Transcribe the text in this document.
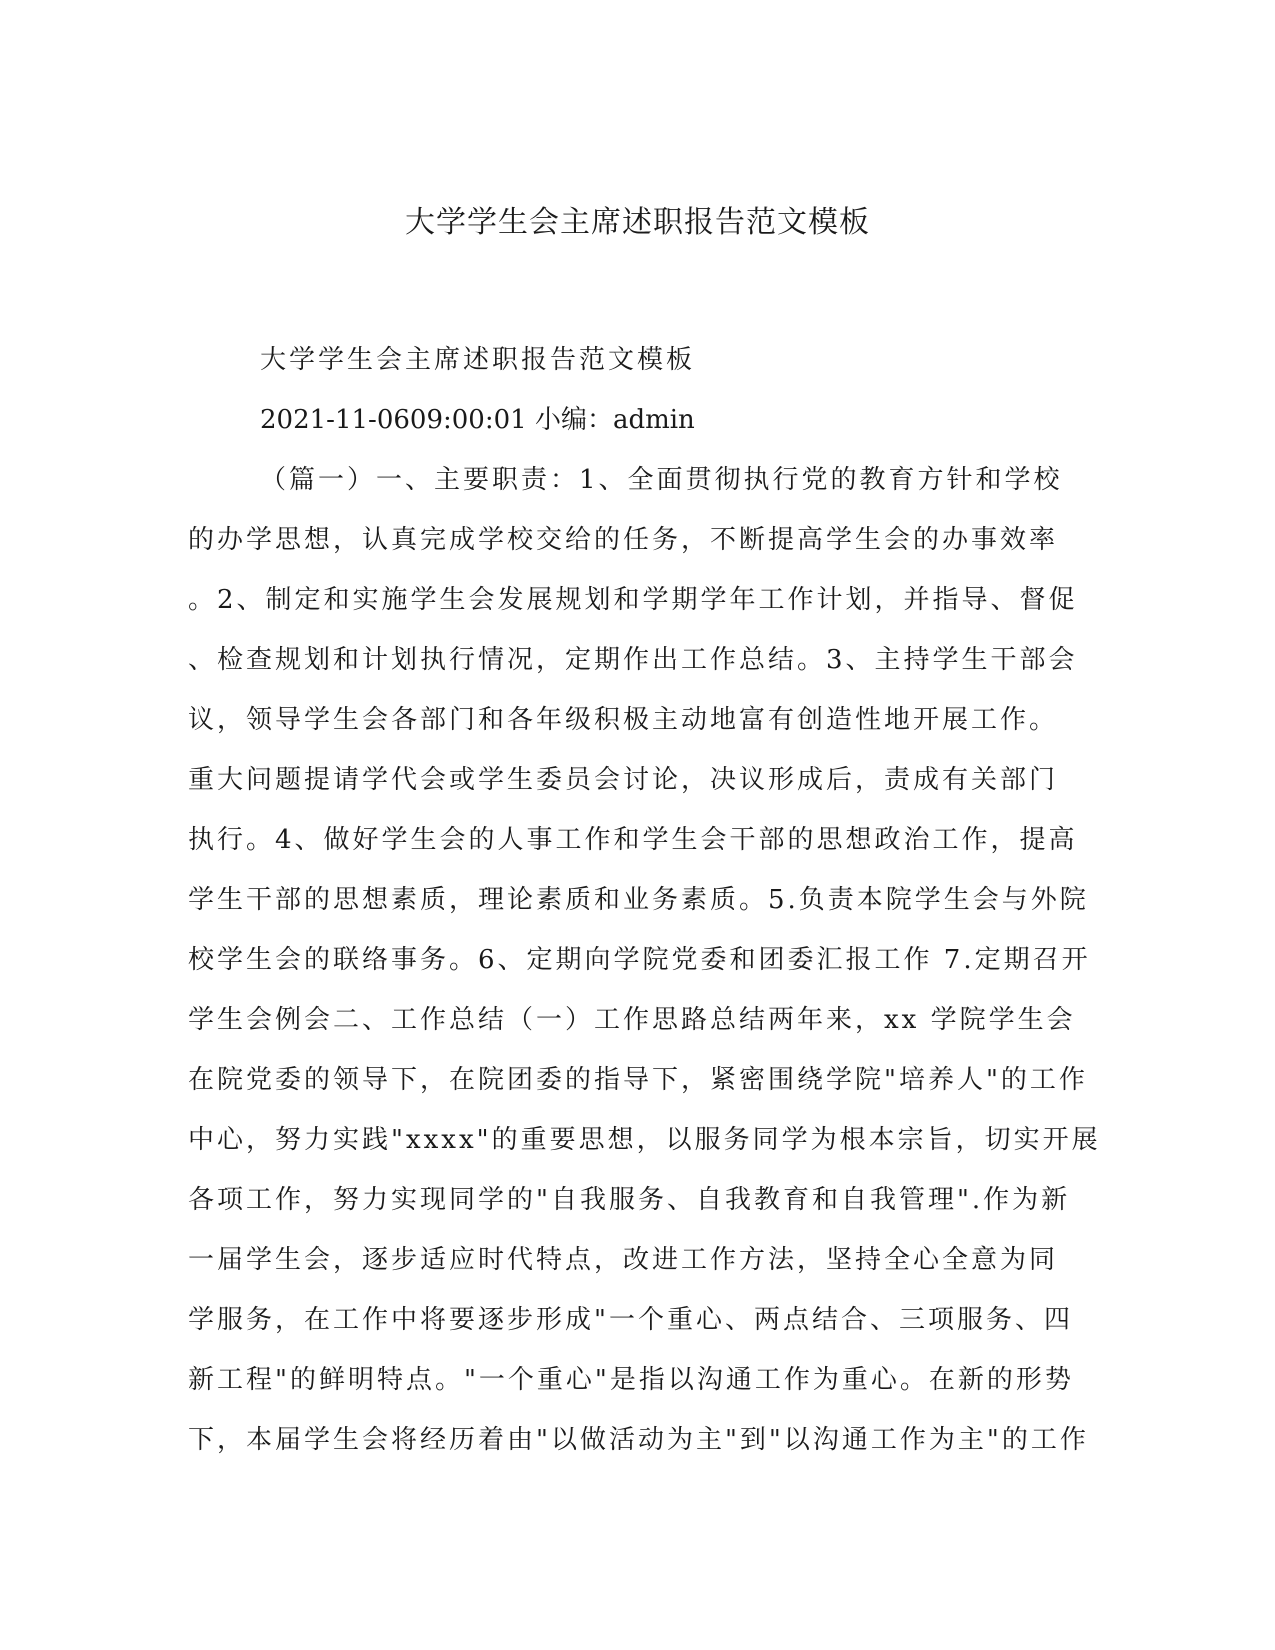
大学学生会主席述职报告范文模板
大学学生会主席述职报告范文模板
2021-11-0609:00:01 小编：admin
（篇一）一、主要职责：1、全面贯彻执行党的教育方针和学校
的办学思想，认真完成学校交给的任务，不断提高学生会的办事效率
。2、制定和实施学生会发展规划和学期学年工作计划，并指导、督促
、检查规划和计划执行情况，定期作出工作总结。3、主持学生干部会
议，领导学生会各部门和各年级积极主动地富有创造性地开展工作。
重大问题提请学代会或学生委员会讨论，决议形成后，责成有关部门
执行。4、做好学生会的人事工作和学生会干部的思想政治工作，提高
学生干部的思想素质，理论素质和业务素质。5.负责本院学生会与外院
校学生会的联络事务。6、定期向学院党委和团委汇报工作 7.定期召开
学生会例会二、工作总结（一）工作思路总结两年来，xx 学院学生会
在院党委的领导下，在院团委的指导下，紧密围绕学院"培养人"的工作
中心，努力实践"xxxx"的重要思想，以服务同学为根本宗旨，切实开展
各项工作，努力实现同学的"自我服务、自我教育和自我管理".作为新
一届学生会，逐步适应时代特点，改进工作方法，坚持全心全意为同
学服务，在工作中将要逐步形成"一个重心、两点结合、三项服务、四
新工程"的鲜明特点。"一个重心"是指以沟通工作为重心。在新的形势
下，本届学生会将经历着由"以做活动为主"到"以沟通工作为主"的工作
